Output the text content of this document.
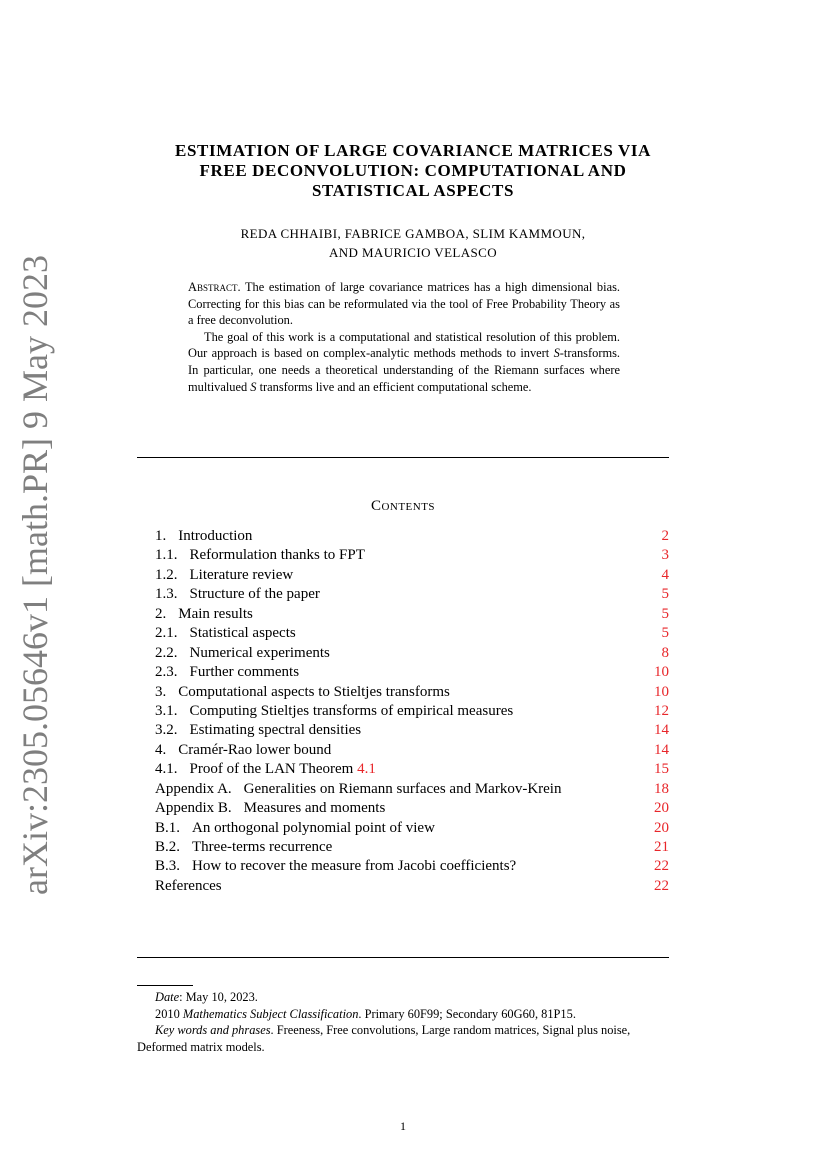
arXiv:2305.05646v1 [math.PR] 9 May 2023
ESTIMATION OF LARGE COVARIANCE MATRICES VIA
FREE DECONVOLUTION: COMPUTATIONAL AND
STATISTICAL ASPECTS
REDA CHHAIBI, FABRICE GAMBOA, SLIM KAMMOUN,
AND MAURICIO VELASCO

Abstract. The estimation of large covariance matrices has a high dimensional bias. Correcting for this bias can be reformulated via the tool of Free Probability Theory as a free deconvolution.

The goal of this work is a computational and statistical resolution of this problem. Our approach is based on complex-analytic methods methods to invert S-transforms. In particular, one needs a theoretical understanding of the Riemann surfaces where multivalued S transforms live and an efficient computational scheme.

Contents
1. Introduction	2
1.1. Reformulation thanks to FPT	3
1.2. Literature review	4
1.3. Structure of the paper	5
2. Main results	5
2.1. Statistical aspects	5
2.2. Numerical experiments	8
2.3. Further comments	10
3. Computational aspects to Stieltjes transforms	10
3.1. Computing Stieltjes transforms of empirical measures	12
3.2. Estimating spectral densities	14
4. Cramér-Rao lower bound	14
4.1. Proof of the LAN Theorem 4.1	15
Appendix A. Generalities on Riemann surfaces and Markov-Krein	18
Appendix B. Measures and moments	20
B.1. An orthogonal polynomial point of view	20
B.2. Three-terms recurrence	21
B.3. How to recover the measure from Jacobi coefficients?	22
References	22

Date: May 10, 2023.

2010 Mathematics Subject Classification. Primary 60F99; Secondary 60G60, 81P15.

Key words and phrases. Freeness, Free convolutions, Large random matrices, Signal plus noise, Deformed matrix models.

1
